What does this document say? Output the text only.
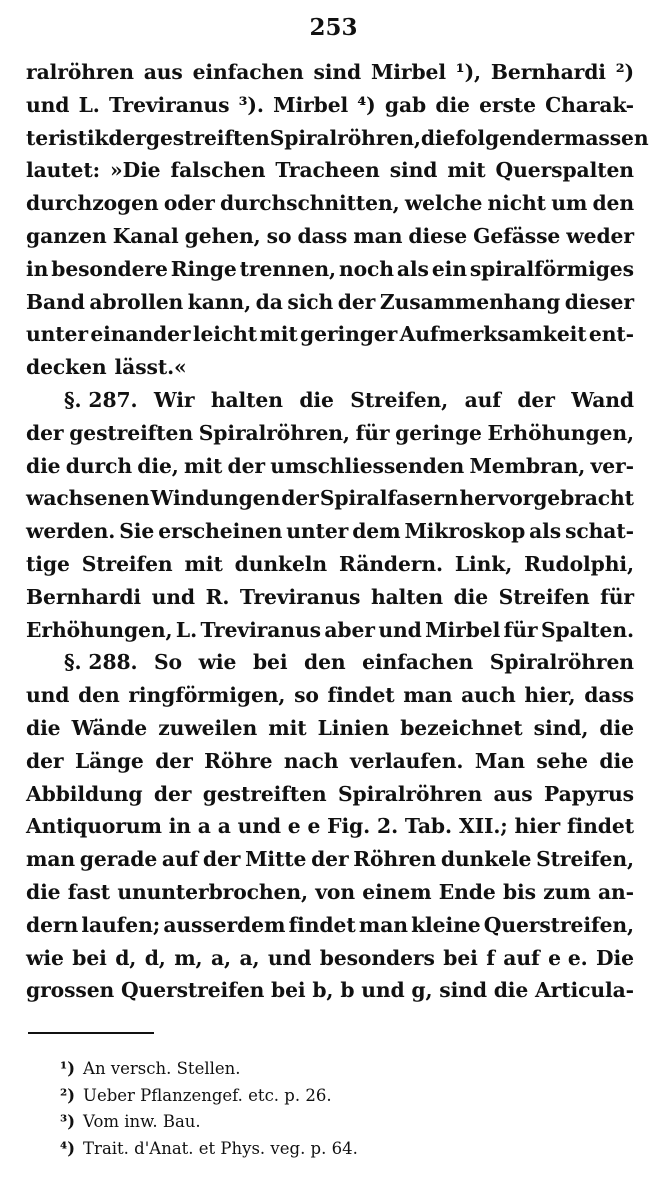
253
ralröhren aus einfachen sind Mirbel ¹), Bernhardi ²)
und L. Treviranus ³). Mirbel ⁴) gab die erste Charak-
teristik der gestreiften Spiralröhren, die folgendermassen
lautet: »Die falschen Tracheen sind mit Querspalten
durchzogen oder durchschnitten, welche nicht um den
ganzen Kanal gehen, so dass man diese Gefässe weder
in besondere Ringe trennen, noch als ein spiralförmiges
Band abrollen kann, da sich der Zusammenhang dieser
unter einander leicht mit geringer Aufmerksamkeit ent-
decken lässt.«
§. 287. Wir halten die Streifen, auf der Wand
der gestreiften Spiralröhren, für geringe Erhöhungen,
die durch die, mit der umschliessenden Membran, ver-
wachsenen Windungen der Spiralfasern hervorgebracht
werden. Sie erscheinen unter dem Mikroskop als schat-
tige Streifen mit dunkeln Rändern. Link, Rudolphi,
Bernhardi und R. Treviranus halten die Streifen für
Erhöhungen, L. Treviranus aber und Mirbel für Spalten.
§. 288. So wie bei den einfachen Spiralröhren
und den ringförmigen, so findet man auch hier, dass
die Wände zuweilen mit Linien bezeichnet sind, die
der Länge der Röhre nach verlaufen. Man sehe die
Abbildung der gestreiften Spiralröhren aus Papyrus
Antiquorum in a a und e e Fig. 2. Tab. XII.; hier findet
man gerade auf der Mitte der Röhren dunkele Streifen,
die fast ununterbrochen, von einem Ende bis zum an-
dern laufen; ausserdem findet man kleine Querstreifen,
wie bei d, d, m, a, a, und besonders bei f auf e e. Die
grossen Querstreifen bei b, b und g, sind die Articula-
¹) An versch. Stellen.
²) Ueber Pflanzengef. etc. p. 26.
³) Vom inw. Bau.
⁴) Trait. d'Anat. et Phys. veg. p. 64.
